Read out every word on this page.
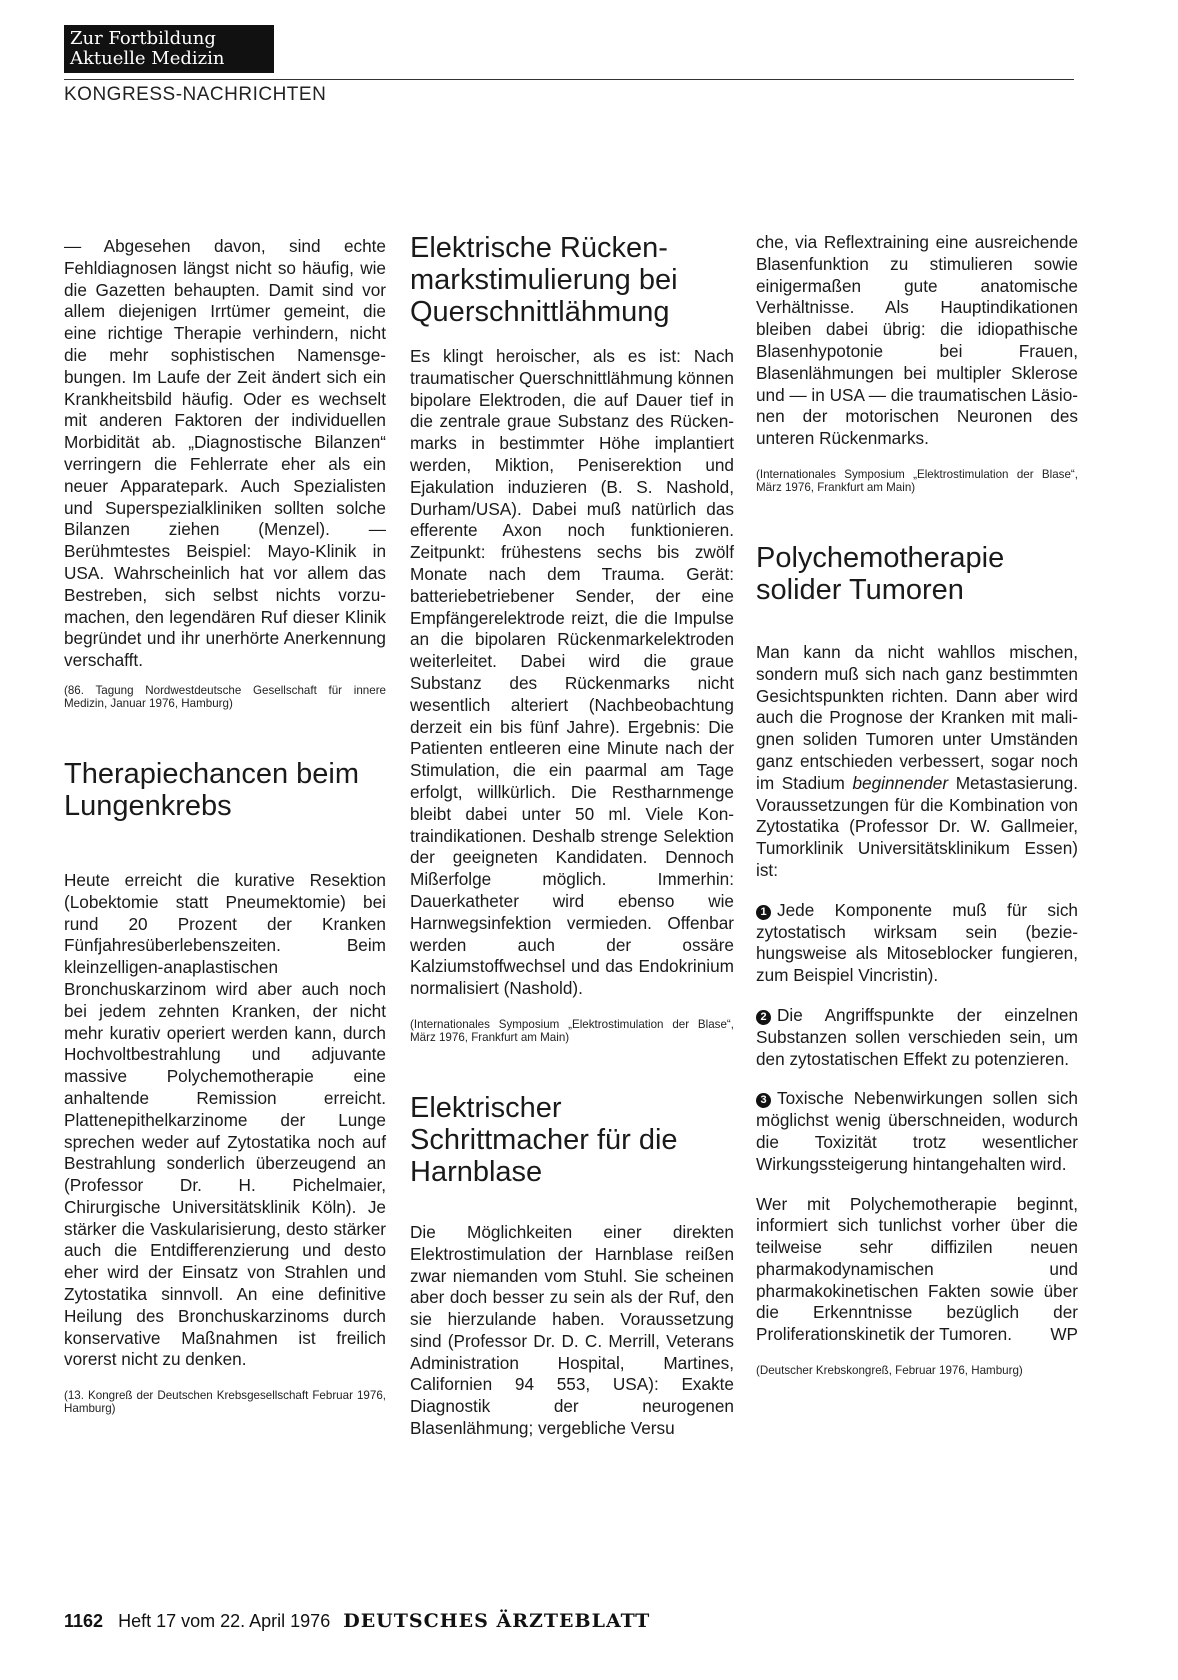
Zur Fortbildung
Aktuelle Medizin
KONGRESS-NACHRICHTEN

— Abgesehen davon, sind echte Fehldiagnosen längst nicht so häufig, wie die Gazetten behaupten. Damit sind vor allem diejenigen Irrtümer gemeint, die eine richtige Therapie verhindern, nicht die mehr sophistischen Namensgebungen. Im Laufe der Zeit ändert sich ein Krankheitsbild häufig. Oder es wechselt mit anderen Faktoren der individuellen Morbidität ab. „Diagnostische Bilanzen“ verringern die Fehlerrate eher als ein neuer Apparatepark. Auch Spezialisten und Superspezialkliniken sollten solche Bilanzen ziehen (Menzel). — Berühmtestes Beispiel: Mayo-Klinik in USA. Wahrscheinlich hat vor allem das Bestreben, sich selbst nichts vorzumachen, den legendären Ruf dieser Klinik begründet und ihr unerhörte Anerkennung verschafft.

(86. Tagung Nordwestdeutsche Gesellschaft für innere Medizin, Januar 1976, Hamburg)

Therapiechancen beim Lungenkrebs

Heute erreicht die kurative Resektion (Lobektomie statt Pneumektomie) bei rund 20 Prozent der Kranken Fünfjahresüberlebenszeiten. Beim kleinzelligen-anaplastischen Bronchuskarzinom wird aber auch noch bei jedem zehnten Kranken, der nicht mehr kurativ operiert werden kann, durch Hochvoltbestrahlung und adjuvante massive Polychemotherapie eine anhaltende Remission erreicht. Plattenepithelkarzinome der Lunge sprechen weder auf Zytostatika noch auf Bestrahlung sonderlich überzeugend an (Professor Dr. H. Pichelmaier, Chirurgische Universitätsklinik Köln). Je stärker die Vaskularisierung, desto stärker auch die Entdifferenzierung und desto eher wird der Einsatz von Strahlen und Zytostatika sinnvoll. An eine definitive Heilung des Bronchuskarzinoms durch konservative Maßnahmen ist freilich vorerst nicht zu denken.

(13. Kongreß der Deutschen Krebsgesellschaft Februar 1976, Hamburg)

Elektrische Rückenmarkstimulierung bei Querschnittlähmung

Es klingt heroischer, als es ist: Nach traumatischer Querschnittlähmung können bipolare Elektroden, die auf Dauer tief in die zentrale graue Substanz des Rückenmarks in bestimmter Höhe implantiert werden, Miktion, Peniserektion und Ejakulation induzieren (B. S. Nashold, Durham/USA). Dabei muß natürlich das efferente Axon noch funktionieren. Zeitpunkt: frühestens sechs bis zwölf Monate nach dem Trauma. Gerät: batteriebetriebener Sender, der eine Empfängerelektrode reizt, die die Impulse an die bipolaren Rückenmarkelektroden weiterleitet. Dabei wird die graue Substanz des Rückenmarks nicht wesentlich alteriert (Nachbeobachtung derzeit ein bis fünf Jahre). Ergebnis: Die Patienten entleeren eine Minute nach der Stimulation, die ein paarmal am Tage erfolgt, willkürlich. Die Restharnmenge bleibt dabei unter 50 ml. Viele Kontraindikationen. Deshalb strenge Selektion der geeigneten Kandidaten. Dennoch Mißerfolge möglich. Immerhin: Dauerkatheter wird ebenso wie Harnwegsinfektion vermieden. Offenbar werden auch der ossäre Kalziumstoffwechsel und das Endokrinium normalisiert (Nashold).

(Internationales Symposium „Elektrostimulation der Blase“, März 1976, Frankfurt am Main)

Elektrischer Schrittmacher für die Harnblase

Die Möglichkeiten einer direkten Elektrostimulation der Harnblase reißen zwar niemanden vom Stuhl. Sie scheinen aber doch besser zu sein als der Ruf, den sie hierzulande haben. Voraussetzung sind (Professor Dr. D. C. Merrill, Veterans Administration Hospital, Martines, Californien 94 553, USA): Exakte Diagnostik der neurogenen Blasenlähmung; vergebliche Versu

che, via Reflextraining eine ausreichende Blasenfunktion zu stimulieren sowie einigermaßen gute anatomische Verhältnisse. Als Hauptindikationen bleiben dabei übrig: die idiopathische Blasenhypotonie bei Frauen, Blasenlähmungen bei multipler Sklerose und — in USA — die traumatischen Läsionen der motorischen Neuronen des unteren Rückenmarks.

(Internationales Symposium „Elektrostimulation der Blase“, März 1976, Frankfurt am Main)

Polychemotherapie solider Tumoren

Man kann da nicht wahllos mischen, sondern muß sich nach ganz bestimmten Gesichtspunkten richten. Dann aber wird auch die Prognose der Kranken mit malignen soliden Tumoren unter Umständen ganz entschieden verbessert, sogar noch im Stadium beginnender Metastasierung. Voraussetzungen für die Kombination von Zytostatika (Professor Dr. W. Gallmeier, Tumorklinik Universitätsklinikum Essen) ist:

1 Jede Komponente muß für sich zytostatisch wirksam sein (beziehungsweise als Mitoseblocker fungieren, zum Beispiel Vincristin).

2 Die Angriffspunkte der einzelnen Substanzen sollen verschieden sein, um den zytostatischen Effekt zu potenzieren.

3 Toxische Nebenwirkungen sollen sich möglichst wenig überschneiden, wodurch die Toxizität trotz wesentlicher Wirkungssteigerung hintangehalten wird.

Wer mit Polychemotherapie beginnt, informiert sich tunlichst vorher über die teilweise sehr diffizilen neuen pharmakodynamischen und pharmakokinetischen Fakten sowie über die Erkenntnisse bezüglich der Proliferationskinetik der Tumoren. WP

(Deutscher Krebskongreß, Februar 1976, Hamburg)

1162 Heft 17 vom 22. April 1976 DEUTSCHES ÄRZTEBLATT
